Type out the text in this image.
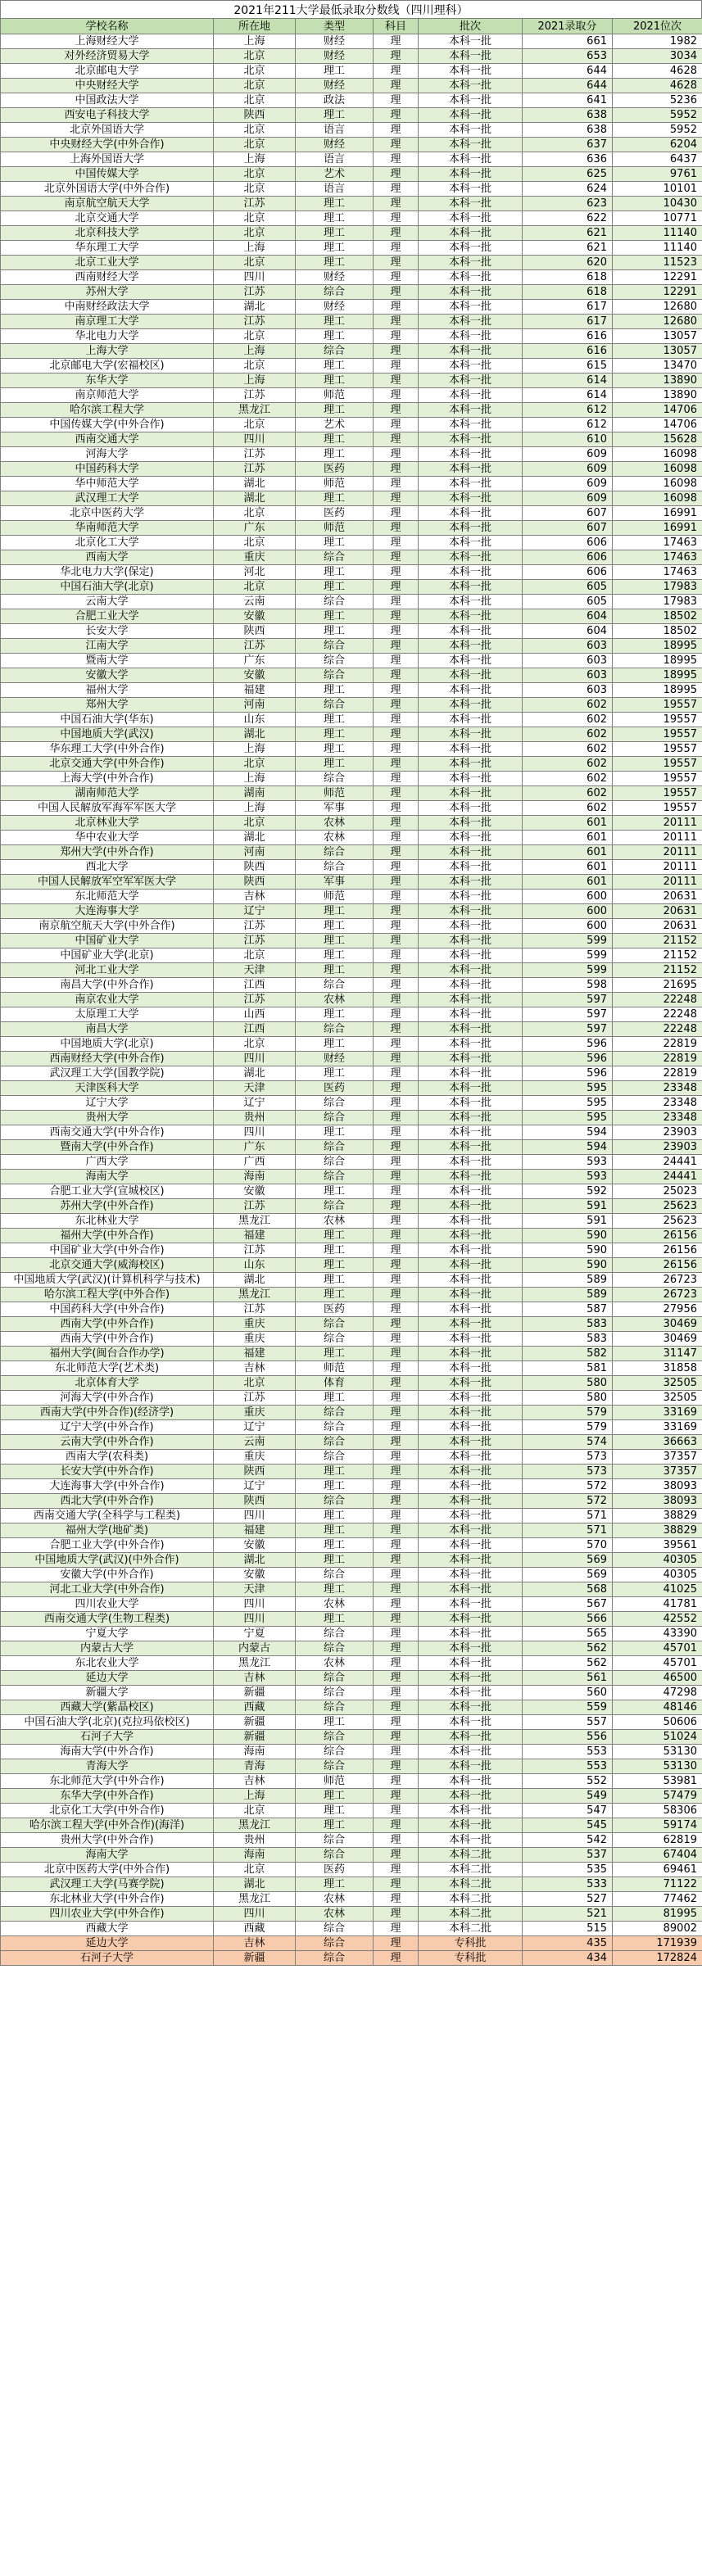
2021年211大学最低录取分数线（四川理科）
学校名称	所在地	类型	科目	批次	2021录取分	2021位次
上海财经大学	上海	财经	理	本科一批	661	1982
对外经济贸易大学	北京	财经	理	本科一批	653	3034
北京邮电大学	北京	理工	理	本科一批	644	4628
中央财经大学	北京	财经	理	本科一批	644	4628
中国政法大学	北京	政法	理	本科一批	641	5236
西安电子科技大学	陕西	理工	理	本科一批	638	5952
北京外国语大学	北京	语言	理	本科一批	638	5952
中央财经大学(中外合作)	北京	财经	理	本科一批	637	6204
上海外国语大学	上海	语言	理	本科一批	636	6437
中国传媒大学	北京	艺术	理	本科一批	625	9761
北京外国语大学(中外合作)	北京	语言	理	本科一批	624	10101
南京航空航天大学	江苏	理工	理	本科一批	623	10430
北京交通大学	北京	理工	理	本科一批	622	10771
北京科技大学	北京	理工	理	本科一批	621	11140
华东理工大学	上海	理工	理	本科一批	621	11140
北京工业大学	北京	理工	理	本科一批	620	11523
西南财经大学	四川	财经	理	本科一批	618	12291
苏州大学	江苏	综合	理	本科一批	618	12291
中南财经政法大学	湖北	财经	理	本科一批	617	12680
南京理工大学	江苏	理工	理	本科一批	617	12680
华北电力大学	北京	理工	理	本科一批	616	13057
上海大学	上海	综合	理	本科一批	616	13057
北京邮电大学(宏福校区)	北京	理工	理	本科一批	615	13470
东华大学	上海	理工	理	本科一批	614	13890
南京师范大学	江苏	师范	理	本科一批	614	13890
哈尔滨工程大学	黑龙江	理工	理	本科一批	612	14706
中国传媒大学(中外合作)	北京	艺术	理	本科一批	612	14706
西南交通大学	四川	理工	理	本科一批	610	15628
河海大学	江苏	理工	理	本科一批	609	16098
中国药科大学	江苏	医药	理	本科一批	609	16098
华中师范大学	湖北	师范	理	本科一批	609	16098
武汉理工大学	湖北	理工	理	本科一批	609	16098
北京中医药大学	北京	医药	理	本科一批	607	16991
华南师范大学	广东	师范	理	本科一批	607	16991
北京化工大学	北京	理工	理	本科一批	606	17463
西南大学	重庆	综合	理	本科一批	606	17463
华北电力大学(保定)	河北	理工	理	本科一批	606	17463
中国石油大学(北京)	北京	理工	理	本科一批	605	17983
云南大学	云南	综合	理	本科一批	605	17983
合肥工业大学	安徽	理工	理	本科一批	604	18502
长安大学	陕西	理工	理	本科一批	604	18502
江南大学	江苏	综合	理	本科一批	603	18995
暨南大学	广东	综合	理	本科一批	603	18995
安徽大学	安徽	综合	理	本科一批	603	18995
福州大学	福建	理工	理	本科一批	603	18995
郑州大学	河南	综合	理	本科一批	602	19557
中国石油大学(华东)	山东	理工	理	本科一批	602	19557
中国地质大学(武汉)	湖北	理工	理	本科一批	602	19557
华东理工大学(中外合作)	上海	理工	理	本科一批	602	19557
北京交通大学(中外合作)	北京	理工	理	本科一批	602	19557
上海大学(中外合作)	上海	综合	理	本科一批	602	19557
湖南师范大学	湖南	师范	理	本科一批	602	19557
中国人民解放军海军军医大学	上海	军事	理	本科一批	602	19557
北京林业大学	北京	农林	理	本科一批	601	20111
华中农业大学	湖北	农林	理	本科一批	601	20111
郑州大学(中外合作)	河南	综合	理	本科一批	601	20111
西北大学	陕西	综合	理	本科一批	601	20111
中国人民解放军空军军医大学	陕西	军事	理	本科一批	601	20111
东北师范大学	吉林	师范	理	本科一批	600	20631
大连海事大学	辽宁	理工	理	本科一批	600	20631
南京航空航天大学(中外合作)	江苏	理工	理	本科一批	600	20631
中国矿业大学	江苏	理工	理	本科一批	599	21152
中国矿业大学(北京)	北京	理工	理	本科一批	599	21152
河北工业大学	天津	理工	理	本科一批	599	21152
南昌大学(中外合作)	江西	综合	理	本科一批	598	21695
南京农业大学	江苏	农林	理	本科一批	597	22248
太原理工大学	山西	理工	理	本科一批	597	22248
南昌大学	江西	综合	理	本科一批	597	22248
中国地质大学(北京)	北京	理工	理	本科一批	596	22819
西南财经大学(中外合作)	四川	财经	理	本科一批	596	22819
武汉理工大学(国教学院)	湖北	理工	理	本科一批	596	22819
天津医科大学	天津	医药	理	本科一批	595	23348
辽宁大学	辽宁	综合	理	本科一批	595	23348
贵州大学	贵州	综合	理	本科一批	595	23348
西南交通大学(中外合作)	四川	理工	理	本科一批	594	23903
暨南大学(中外合作)	广东	综合	理	本科一批	594	23903
广西大学	广西	综合	理	本科一批	593	24441
海南大学	海南	综合	理	本科一批	593	24441
合肥工业大学(宣城校区)	安徽	理工	理	本科一批	592	25023
苏州大学(中外合作)	江苏	综合	理	本科一批	591	25623
东北林业大学	黑龙江	农林	理	本科一批	591	25623
福州大学(中外合作)	福建	理工	理	本科一批	590	26156
中国矿业大学(中外合作)	江苏	理工	理	本科一批	590	26156
北京交通大学(威海校区)	山东	理工	理	本科一批	590	26156
中国地质大学(武汉)(计算机科学与技术)	湖北	理工	理	本科一批	589	26723
哈尔滨工程大学(中外合作)	黑龙江	理工	理	本科一批	589	26723
中国药科大学(中外合作)	江苏	医药	理	本科一批	587	27956
西南大学(中外合作)	重庆	综合	理	本科一批	583	30469
西南大学(中外合作)	重庆	综合	理	本科一批	583	30469
福州大学(闽台合作办学)	福建	理工	理	本科一批	582	31147
东北师范大学(艺术类)	吉林	师范	理	本科一批	581	31858
北京体育大学	北京	体育	理	本科一批	580	32505
河海大学(中外合作)	江苏	理工	理	本科一批	580	32505
西南大学(中外合作)(经济学)	重庆	综合	理	本科一批	579	33169
辽宁大学(中外合作)	辽宁	综合	理	本科一批	579	33169
云南大学(中外合作)	云南	综合	理	本科一批	574	36663
西南大学(农科类)	重庆	综合	理	本科一批	573	37357
长安大学(中外合作)	陕西	理工	理	本科一批	573	37357
大连海事大学(中外合作)	辽宁	理工	理	本科一批	572	38093
西北大学(中外合作)	陕西	综合	理	本科一批	572	38093
西南交通大学(全科学与工程类)	四川	理工	理	本科一批	571	38829
福州大学(地矿类)	福建	理工	理	本科一批	571	38829
合肥工业大学(中外合作)	安徽	理工	理	本科一批	570	39561
中国地质大学(武汉)(中外合作)	湖北	理工	理	本科一批	569	40305
安徽大学(中外合作)	安徽	综合	理	本科一批	569	40305
河北工业大学(中外合作)	天津	理工	理	本科一批	568	41025
四川农业大学	四川	农林	理	本科一批	567	41781
西南交通大学(生物工程类)	四川	理工	理	本科一批	566	42552
宁夏大学	宁夏	综合	理	本科一批	565	43390
内蒙古大学	内蒙古	综合	理	本科一批	562	45701
东北农业大学	黑龙江	农林	理	本科一批	562	45701
延边大学	吉林	综合	理	本科一批	561	46500
新疆大学	新疆	综合	理	本科一批	560	47298
西藏大学(紫晶校区)	西藏	综合	理	本科一批	559	48146
中国石油大学(北京)(克拉玛依校区)	新疆	理工	理	本科一批	557	50606
石河子大学	新疆	综合	理	本科一批	556	51024
海南大学(中外合作)	海南	综合	理	本科一批	553	53130
青海大学	青海	综合	理	本科一批	553	53130
东北师范大学(中外合作)	吉林	师范	理	本科一批	552	53981
东华大学(中外合作)	上海	理工	理	本科一批	549	57479
北京化工大学(中外合作)	北京	理工	理	本科一批	547	58306
哈尔滨工程大学(中外合作)(海洋)	黑龙江	理工	理	本科一批	545	59174
贵州大学(中外合作)	贵州	综合	理	本科一批	542	62819
海南大学	海南	综合	理	本科二批	537	67404
北京中医药大学(中外合作)	北京	医药	理	本科二批	535	69461
武汉理工大学(马赛学院)	湖北	理工	理	本科二批	533	71122
东北林业大学(中外合作)	黑龙江	农林	理	本科二批	527	77462
四川农业大学(中外合作)	四川	农林	理	本科二批	521	81995
西藏大学	西藏	综合	理	本科二批	515	89002
延边大学	吉林	综合	理	专科批	435	171939
石河子大学	新疆	综合	理	专科批	434	172824
